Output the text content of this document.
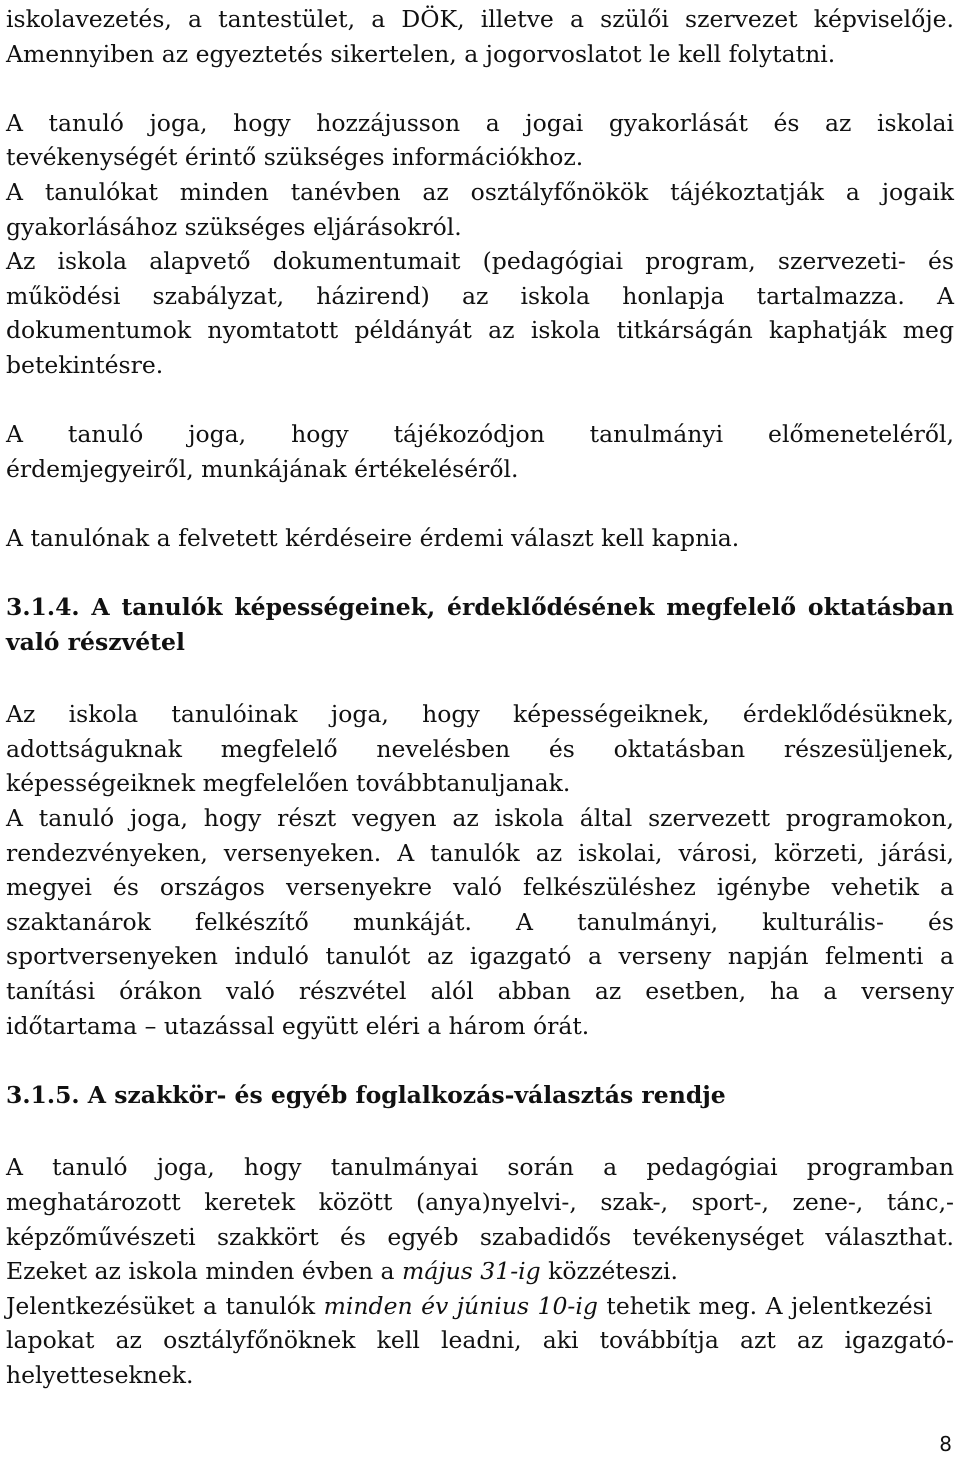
iskolavezetés, a tantestület, a DÖK, illetve a szülői szervezet képviselője.
Amennyiben az egyeztetés sikertelen, a jogorvoslatot le kell folytatni.
A tanuló joga, hogy hozzájusson a jogai gyakorlását és az iskolai
tevékenységét érintő szükséges információkhoz.
A tanulókat minden tanévben az osztályfőnökök tájékoztatják a jogaik
gyakorlásához szükséges eljárásokról.
Az iskola alapvető dokumentumait (pedagógiai program, szervezeti- és
működési szabályzat, házirend) az iskola honlapja tartalmazza. A
dokumentumok nyomtatott példányát az iskola titkárságán kaphatják meg
betekintésre.
A tanuló joga, hogy tájékozódjon tanulmányi előmeneteléről,
érdemjegyeiről, munkájának értékeléséről.
A tanulónak a felvetett kérdéseire érdemi választ kell kapnia.
3.1.4. A tanulók képességeinek, érdeklődésének megfelelő oktatásban
való részvétel
Az iskola tanulóinak joga, hogy képességeiknek, érdeklődésüknek,
adottságuknak megfelelő nevelésben és oktatásban részesüljenek,
képességeiknek megfelelően továbbtanuljanak.
A tanuló joga, hogy részt vegyen az iskola által szervezett programokon,
rendezvényeken, versenyeken. A tanulók az iskolai, városi, körzeti, járási,
megyei és országos versenyekre való felkészüléshez igénybe vehetik a
szaktanárok felkészítő munkáját. A tanulmányi, kulturális- és
sportversenyeken induló tanulót az igazgató a verseny napján felmenti a
tanítási órákon való részvétel alól abban az esetben, ha a verseny
időtartama – utazással együtt eléri a három órát.
3.1.5. A szakkör- és egyéb foglalkozás-választás rendje
A tanuló joga, hogy tanulmányai során a pedagógiai programban
meghatározott keretek között (anya)nyelvi-, szak-, sport-, zene-, tánc,-
képzőművészeti szakkört és egyéb szabadidős tevékenységet választhat.
Ezeket az iskola minden évben a május 31-ig közzéteszi.
Jelentkezésüket a tanulók minden év június 10-ig tehetik meg. A jelentkezési
lapokat az osztályfőnöknek kell leadni, aki továbbítja azt az igazgató-
helyetteseknek.
8
